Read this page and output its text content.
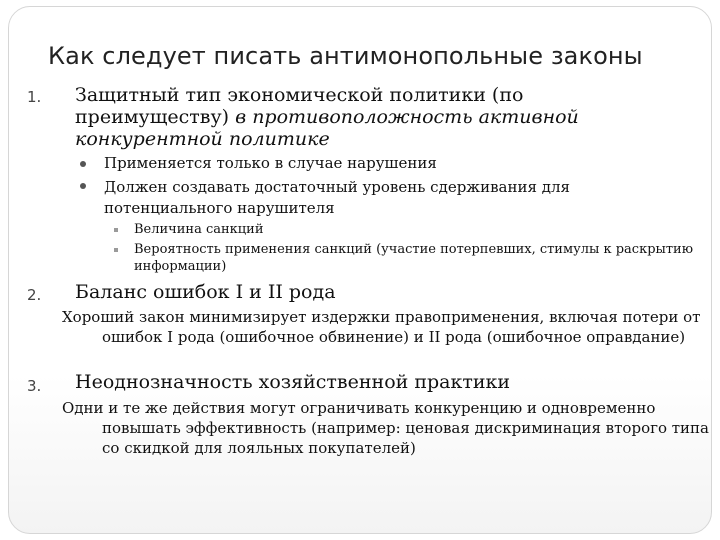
Как следует писать антимонопольные законы
1. Защитный тип экономической политики (по преимуществу) в противоположность активной конкурентной политике
Применяется только в случае нарушения
Должен создавать достаточный уровень сдерживания для потенциального нарушителя
Величина санкций
Вероятность применения санкций (участие потерпевших, стимулы к раскрытию информации)
2. Баланс ошибок I и II рода
Хороший закон минимизирует издержки правоприменения, включая потери от ошибок I рода (ошибочное обвинение) и II рода (ошибочное оправдание)
3. Неоднозначность хозяйственной практики
Одни и те же действия могут ограничивать конкуренцию и одновременно повышать эффективность (например: ценовая дискриминация второго типа со скидкой для лояльных покупателей)
